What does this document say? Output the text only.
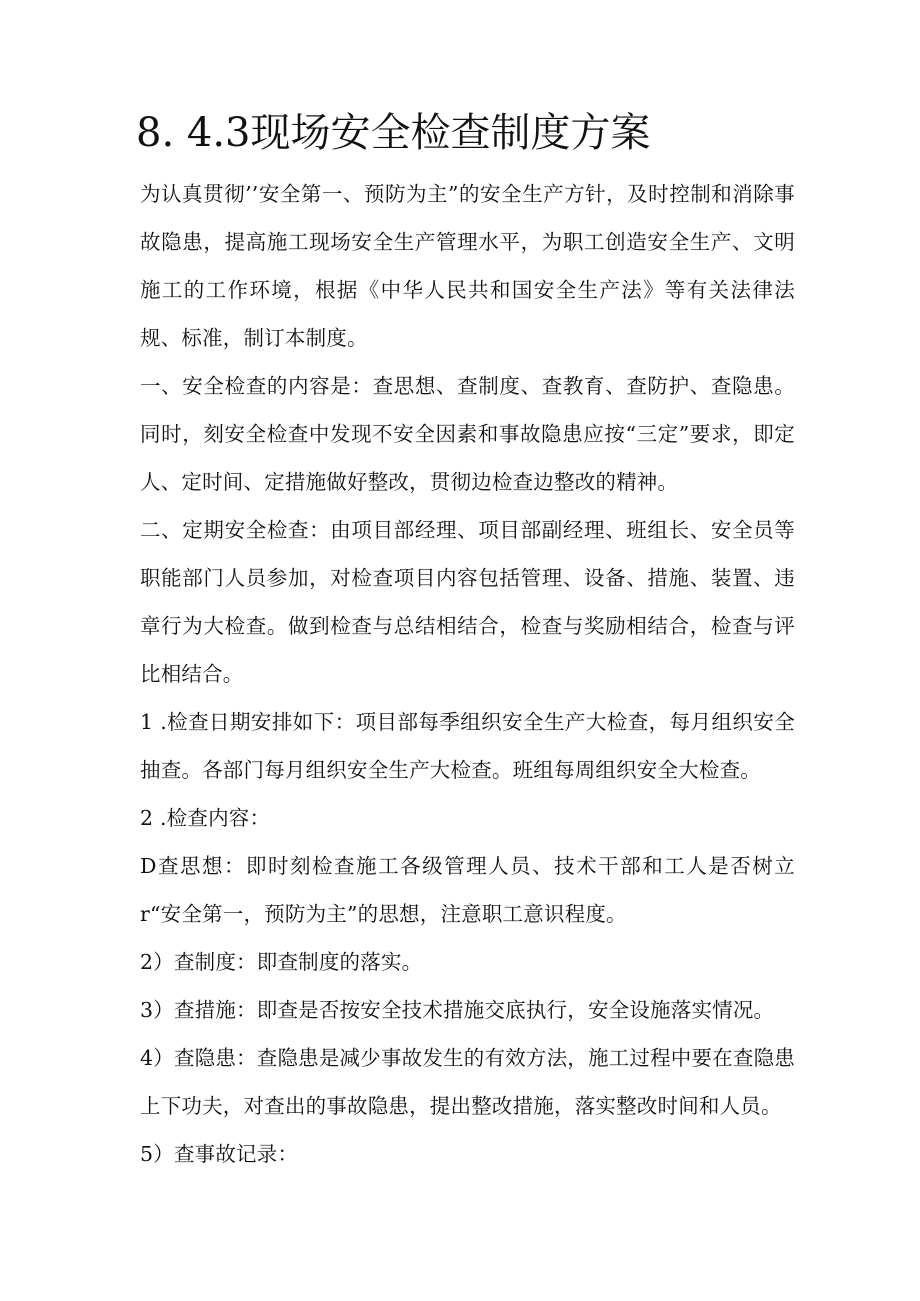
8. 4.3现场安全检查制度方案

为认真贯彻’’安全第一、预防为主”的安全生产方针，及时控制和消除事故隐患，提高施工现场安全生产管理水平，为职工创造安全生产、文明施工的工作环境，根据《中华人民共和国安全生产法》等有关法律法规、标准，制订本制度。

一、安全检查的内容是：查思想、查制度、查教育、查防护、查隐患。同时，刻安全检查中发现不安全因素和事故隐患应按“三定”要求，即定人、定时间、定措施做好整改，贯彻边检查边整改的精神。

二、定期安全检查：由项目部经理、项目部副经理、班组长、安全员等职能部门人员参加，对检查项目内容包括管理、设备、措施、装置、违章行为大检查。做到检查与总结相结合，检查与奖励相结合，检查与评比相结合。

1 .检查日期安排如下：项目部每季组织安全生产大检查，每月组织安全抽查。各部门每月组织安全生产大检查。班组每周组织安全大检查。

2 .检查内容：

D查思想：即时刻检查施工各级管理人员、技术干部和工人是否树立r“安全第一，预防为主”的思想，注意职工意识程度。

2）查制度：即查制度的落实。

3）查措施：即查是否按安全技术措施交底执行，安全设施落实情况。

4）查隐患：查隐患是减少事故发生的有效方法，施工过程中要在查隐患上下功夫，对查出的事故隐患，提出整改措施，落实整改时间和人员。

5）查事故记录：
